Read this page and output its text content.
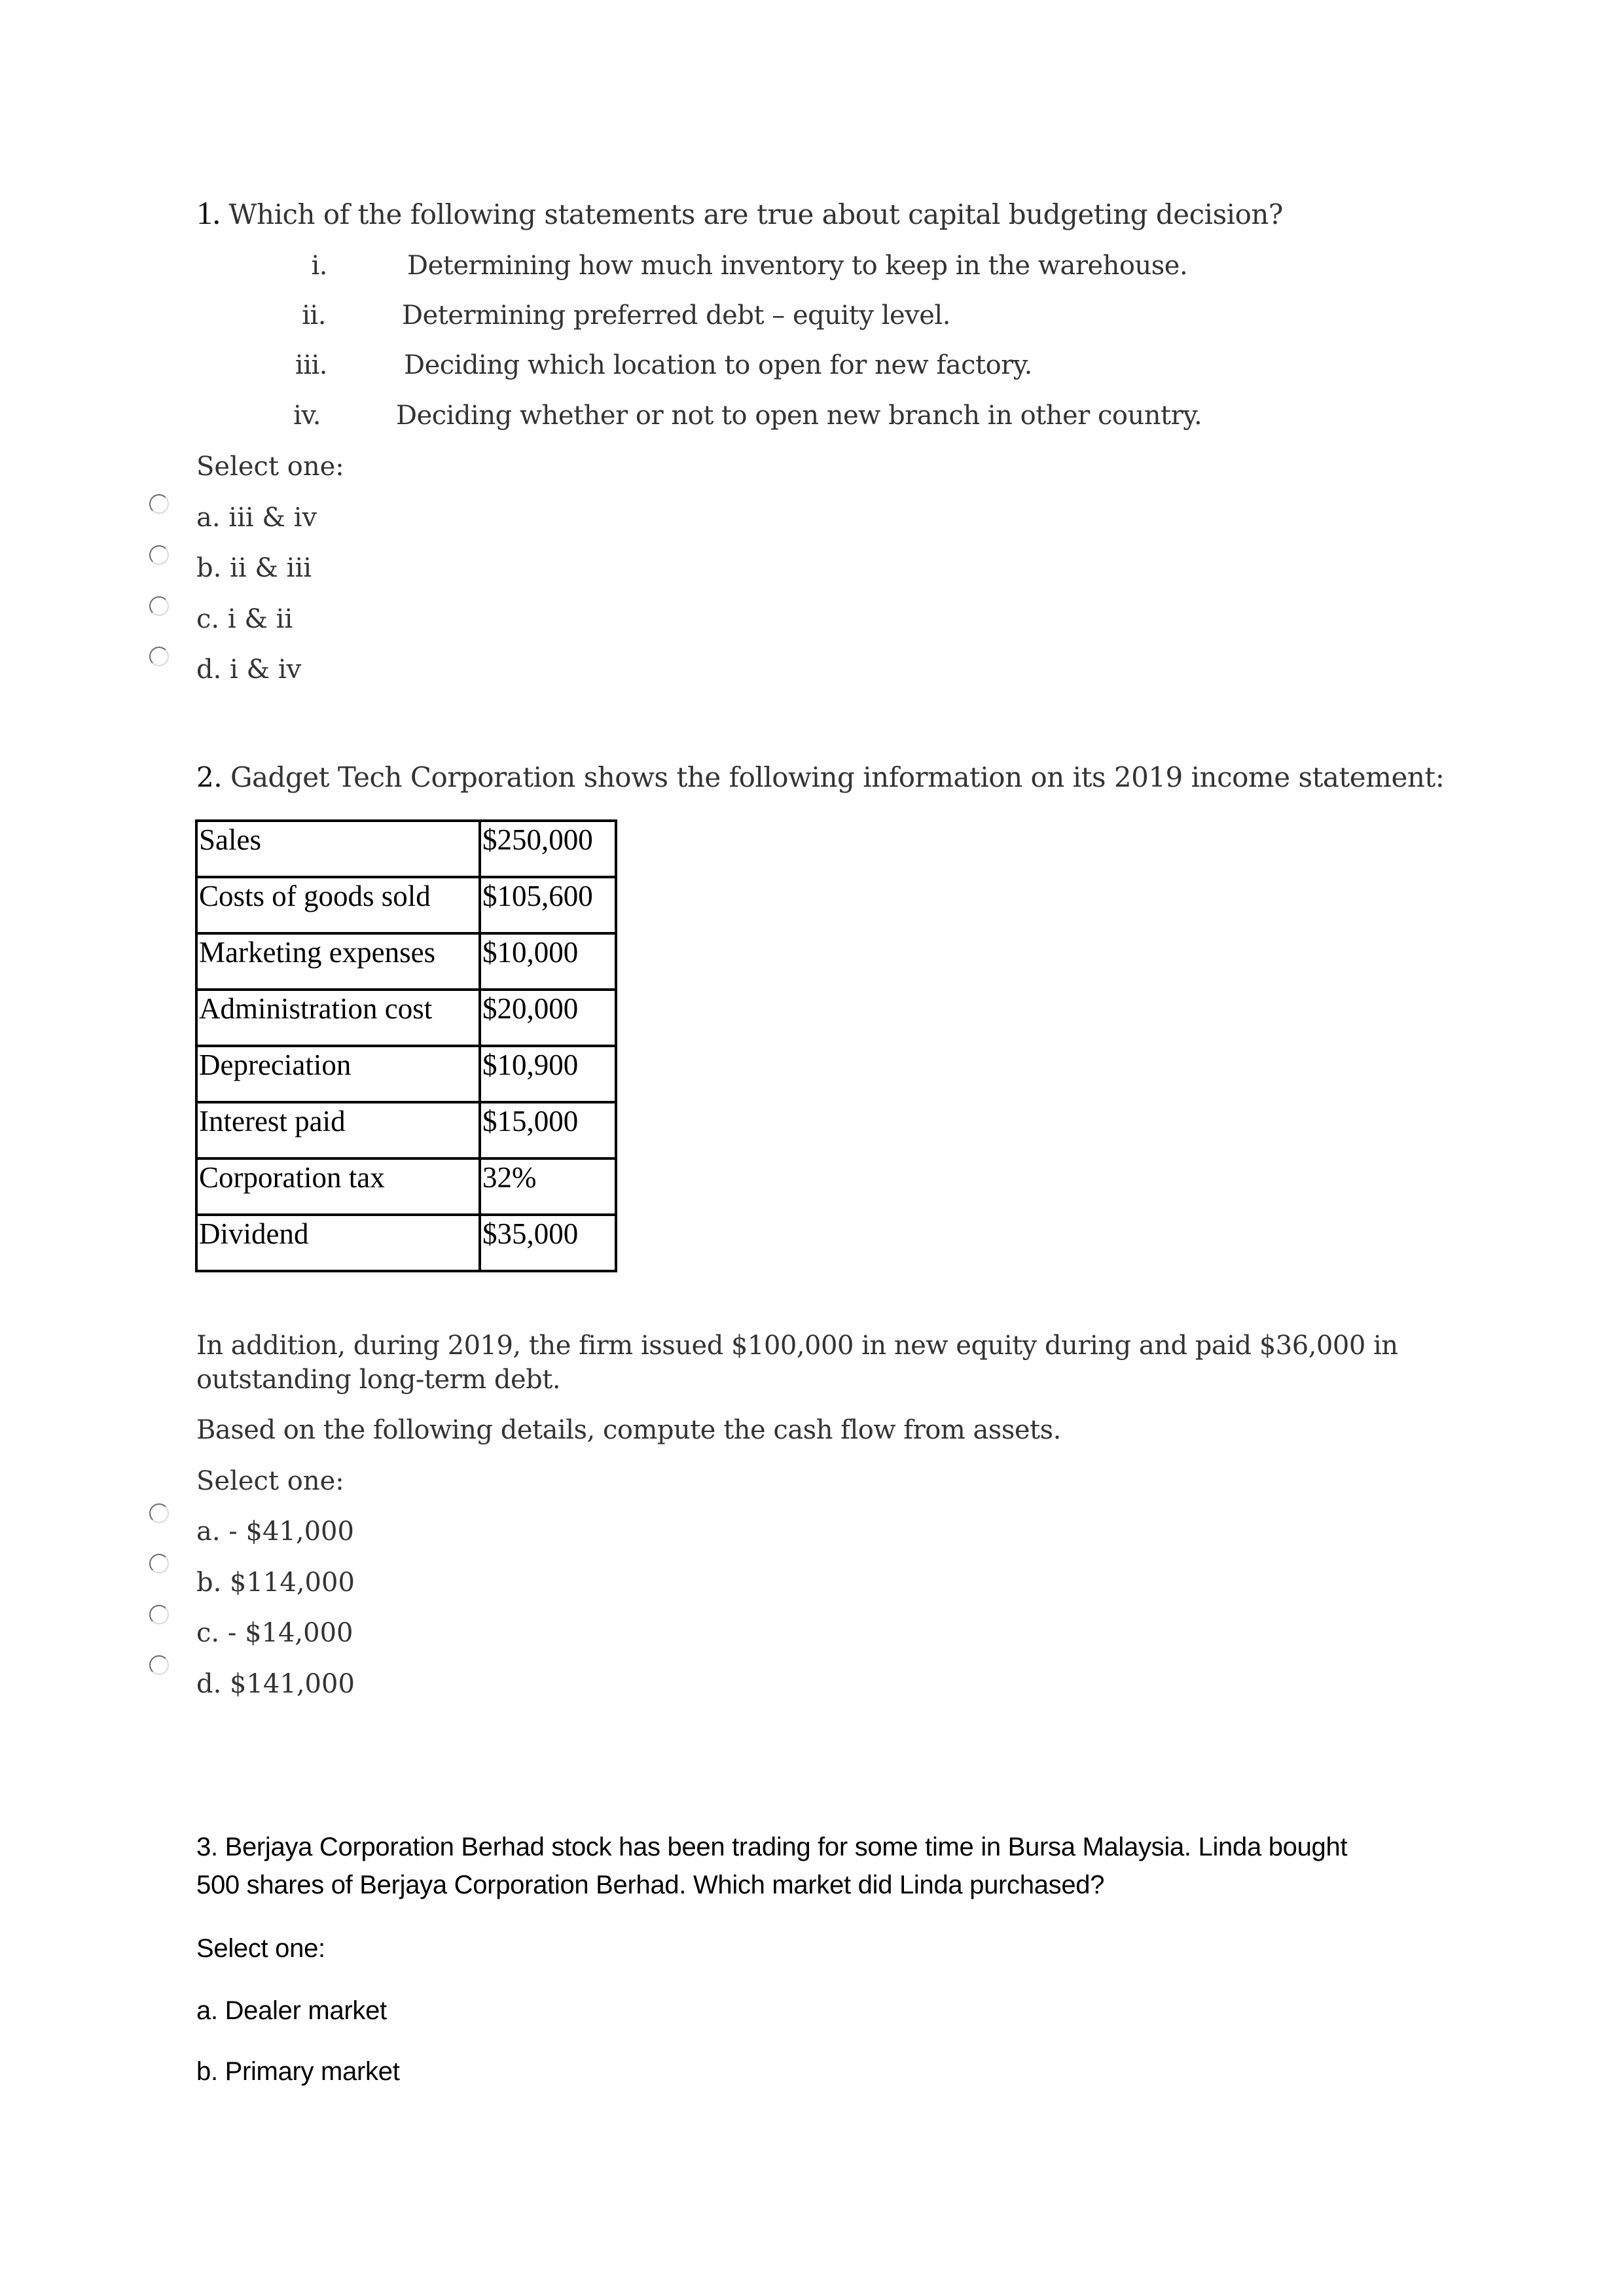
1. Which of the following statements are true about capital budgeting decision?
i.	Determining how much inventory to keep in the warehouse.
ii.	Determining preferred debt – equity level.
iii.	Deciding which location to open for new factory.
iv.	Deciding whether or not to open new branch in other country.
Select one:
a. iii & iv
b. ii & iii
c. i & ii
d. i & iv
2. Gadget Tech Corporation shows the following information on its 2019 income statement:
Sales	$250,000
Costs of goods sold	$105,600
Marketing expenses	$10,000
Administration cost	$20,000
Depreciation	$10,900
Interest paid	$15,000
Corporation tax	32%
Dividend	$35,000
In addition, during 2019, the firm issued $100,000 in new equity during and paid $36,000 in
outstanding long-term debt.
Based on the following details, compute the cash flow from assets.
Select one:
a. - $41,000
b. $114,000
c. - $14,000
d. $141,000
3. Berjaya Corporation Berhad stock has been trading for some time in Bursa Malaysia. Linda bought
500 shares of Berjaya Corporation Berhad. Which market did Linda purchased?
Select one:
a. Dealer market
b. Primary market
